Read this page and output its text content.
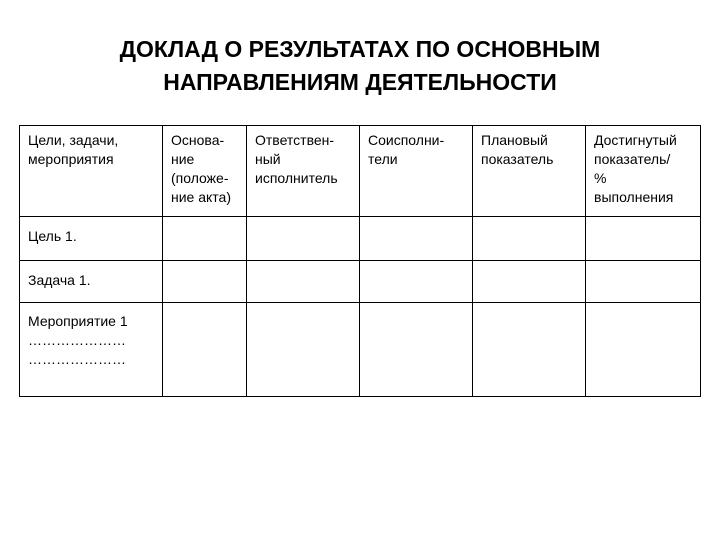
ДОКЛАД О РЕЗУЛЬТАТАХ ПО ОСНОВНЫМ
НАПРАВЛЕНИЯМ ДЕЯТЕЛЬНОСТИ
Цели, задачи,
мероприятия	Основа-
ние
(положе-
ние акта)	Ответствен-
ный
исполнитель	Соисполни-
тели	Плановый
показатель	Достигнутый
показатель/
%
выполнения
Цель 1.					
Задача 1.					
Мероприятие 1
…………………
…………………					
